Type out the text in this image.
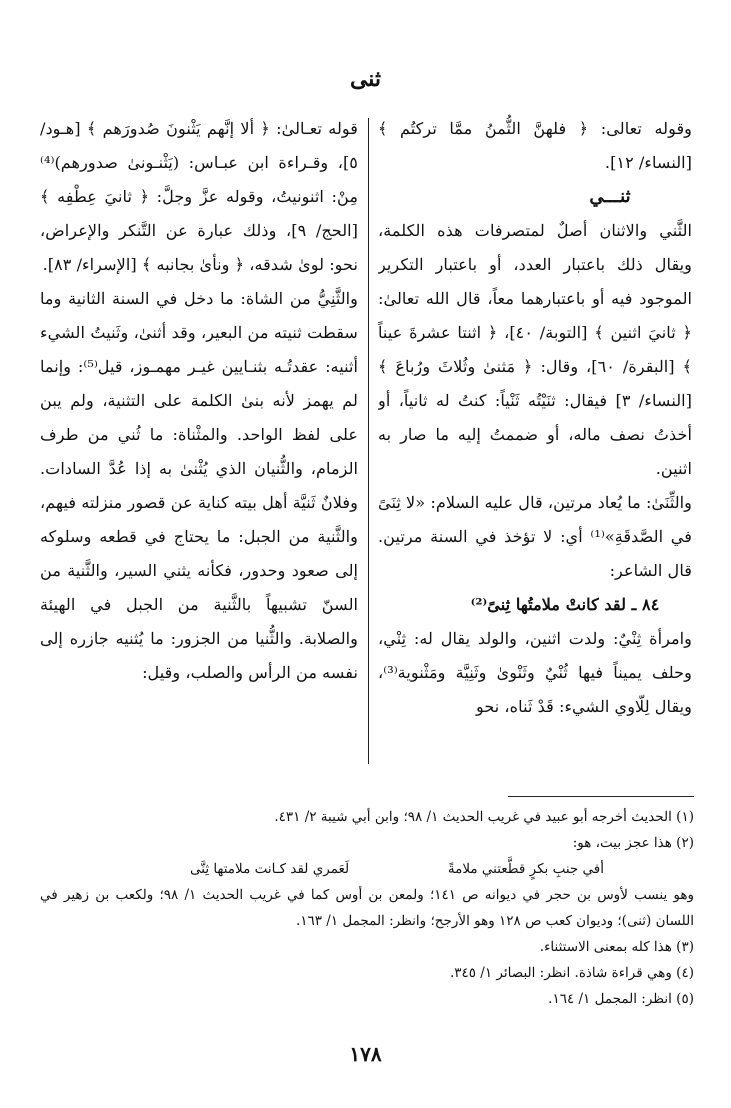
ثنى

وقوله تعالى: ﴿ فلهنَّ الثُّمنُ ممَّا تركتُم ﴾ [النساء/ ١٢].

ثنـــي

الثَّني والاثنان أصلٌ لمتصرفات هذه الكلمة، ويقال ذلك باعتبار العدد، أو باعتبار التكرير الموجود فيه أو باعتبارهما معاً، قال الله تعالىٰ: ﴿ ثانيَ اثنين ﴾ [التوبة/ ٤٠]، ﴿ اثنتا عشرةَ عيناً ﴾ [البقرة/ ٦٠]، وقال: ﴿ مَثنىٰ وثُلاثَ ورُباعَ ﴾ [النساء/ ٣] فيقال: ثنَيْتُه ثَنْياً: كنتُ له ثانياً، أو أخذتُ نصف ماله، أو ضممتُ إليه ما صار به اثنين.

والثِّنَىٰ: ما يُعاد مرتين، قال عليه السلام: «لا ثِنَىً في الصَّدقَةِ»⁽¹⁾ أي: لا تؤخذ في السنة مرتين. قال الشاعر:

٨٤ ـ لقد كانتْ ملامتُها ثِنىً⁽²⁾

وامرأة ثِنْيٌ: ولدت اثنين، والولد يقال له: ثِنْي، وحلف يميناً فيها ثُنْيٌ وثَنْوىٰ وثَنِيَّة ومَثْنوية⁽³⁾، ويقال لِلّاوي الشيء: قَدْ ثَناه، نحو

قوله تعـالىٰ: ﴿ ألا إنَّهم يَثْنونَ صُدورَهم ﴾ [هـود/ ٥]، وقـراءة ابن عبـاس: (يَثْنـونىٰ صدورهم)⁽⁴⁾ مِنْ: اثنونيتُ، وقوله عزَّ وجلَّ: ﴿ ثانيَ عِطْفِه ﴾ [الحج/ ٩]، وذلك عبارة عن التَّنكر والإعراض، نحو: لوىٰ شدقه، ﴿ ونأىٰ بجانبه ﴾ [الإسراء/ ٨٣].

والثَّنِيُّ من الشاة: ما دخل في السنة الثانية وما سقطت ثنيته من البعير، وقد أثنىٰ، وثَنيتُ الشيء أثنيه: عقدتُـه بثنـايين غيـر مهمـوز، قيل⁽⁵⁾: وإنما لم يهمز لأنه بنىٰ الكلمة على التثنية، ولم يبن على لفظ الواحد. والمثْناة: ما ثُني من طرف الزمام، والثُّنيان الذي يُثْنىٰ به إذا عُدَّ السادات. وفلانٌ ثَنيَّة أهل بيته كناية عن قصور منزلته فيهم، والثَّنية من الجبل: ما يحتاج في قطعه وسلوكه إلى صعود وحدور، فكأنه يثني السير، والثَّنية من السنّ تشبيهاً بالثَّنية من الجبل في الهيئة والصلابة. والثُّنيا من الجزور: ما يُثنيه جازره إلى نفسه من الرأس والصلب، وقيل:

(١) الحديث أخرجه أبو عبيد في غريب الحديث ١/ ٩٨؛ وابن أبي شيبة ٢/ ٤٣١.

(٢) هذا عجز بيت، هو:

أفي جنبِ بكرٍ قطَّعتني ملامةً
لَعَمري لقد كـانت ملامتها ثِنَّى

وهو ينسب لأوس بن حجر في ديوانه ص ١٤١؛ ولمعن بن أوس كما في غريب الحديث ١/ ٩٨؛ ولكعب بن زهير في اللسان (ثنى)؛ وديوان كعب ص ١٢٨ وهو الأرجح؛ وانظر: المجمل ١/ ١٦٣.

(٣) هذا كله بمعنى الاستثناء.

(٤) وهي قراءة شاذة. انظر: البصائر ١/ ٣٤٥.

(٥) انظر: المجمل ١/ ١٦٤.

١٧٨
